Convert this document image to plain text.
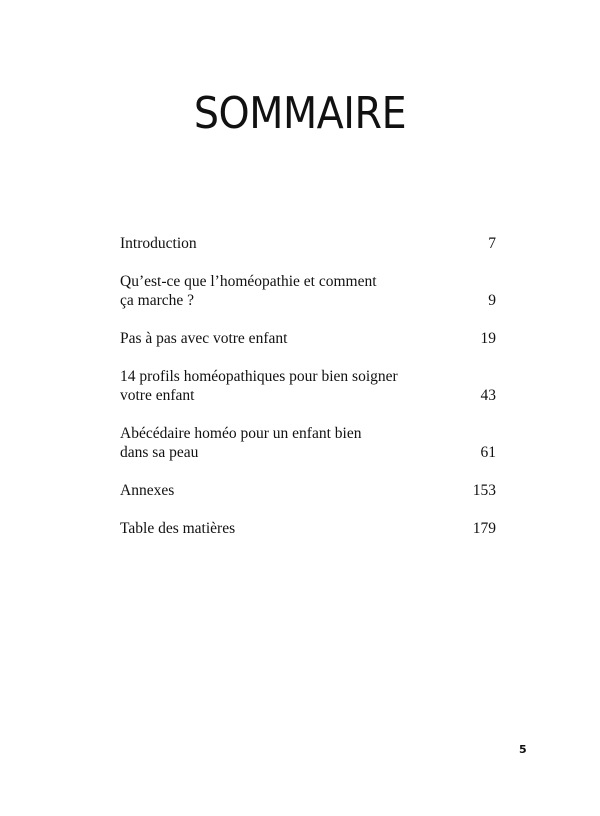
SOMMAIRE
Introduction	7
Qu’est-ce que l’homéopathie et comment
ça marche ?	9
Pas à pas avec votre enfant	19
14 profils homéopathiques pour bien soigner
votre enfant	43
Abécédaire homéo pour un enfant bien
dans sa peau	61
Annexes	153
Table des matières	179
5
